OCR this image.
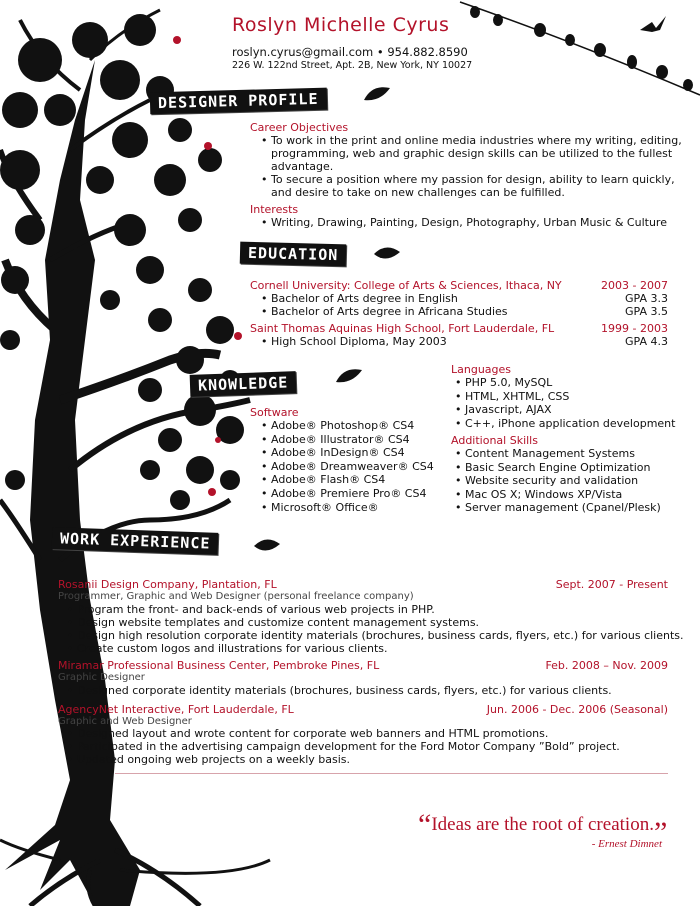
Roslyn Michelle Cyrus
roslyn.cyrus@gmail.com • 954.882.8590
226 W. 122nd Street, Apt. 2B, New York, NY 10027
DESIGNER PROFILE
Career Objectives
• To work in the print and online media industries where my writing, editing,
programming, web and graphic design skills can be utilized to the fullest
advantage.
• To secure a position where my passion for design, ability to learn quickly,
and desire to take on new challenges can be fulfilled.
Interests
• Writing, Drawing, Painting, Design, Photography, Urban Music & Culture
EDUCATION
Cornell University: College of Arts & Sciences, Ithaca, NY	2003 - 2007
• Bachelor of Arts degree in English	GPA 3.3
• Bachelor of Arts degree in Africana Studies	GPA 3.5
Saint Thomas Aquinas High School, Fort Lauderdale, FL	1999 - 2003
• High School Diploma, May 2003	GPA 4.3
KNOWLEDGE
Software
• Adobe® Photoshop® CS4
• Adobe® Illustrator® CS4
• Adobe® InDesign® CS4
• Adobe® Dreamweaver® CS4
• Adobe® Flash® CS4
• Adobe® Premiere Pro® CS4
• Microsoft® Office®
Languages
• PHP 5.0, MySQL
• HTML, XHTML, CSS
• Javascript, AJAX
• C++, iPhone application development
Additional Skills
• Content Management Systems
• Basic Search Engine Optimization
• Website security and validation
• Mac OS X; Windows XP/Vista
• Server management (Cpanel/Plesk)
WORK EXPERIENCE
Rosanii Design Company, Plantation, FL	Sept. 2007 - Present
Programmer, Graphic and Web Designer (personal freelance company)
• Program the front- and back-ends of various web projects in PHP.
• Design website templates and customize content management systems.
• Design high resolution corporate identity materials (brochures, business cards, flyers, etc.) for various clients.
• Create custom logos and illustrations for various clients.
Miramar Professional Business Center, Pembroke Pines, FL	Feb. 2008 – Nov. 2009
Graphic Designer
• Designed corporate identity materials (brochures, business cards, flyers, etc.) for various clients.
AgencyNet Interactive, Fort Lauderdale, FL	Jun. 2006 - Dec. 2006 (Seasonal)
Graphic and Web Designer
• Designed layout and wrote content for corporate web banners and HTML promotions.
• Participated in the advertising campaign development for the Ford Motor Company ”Bold” project.
• Updated ongoing web projects on a weekly basis.
“Ideas are the root of creation.”
- Ernest Dimnet
